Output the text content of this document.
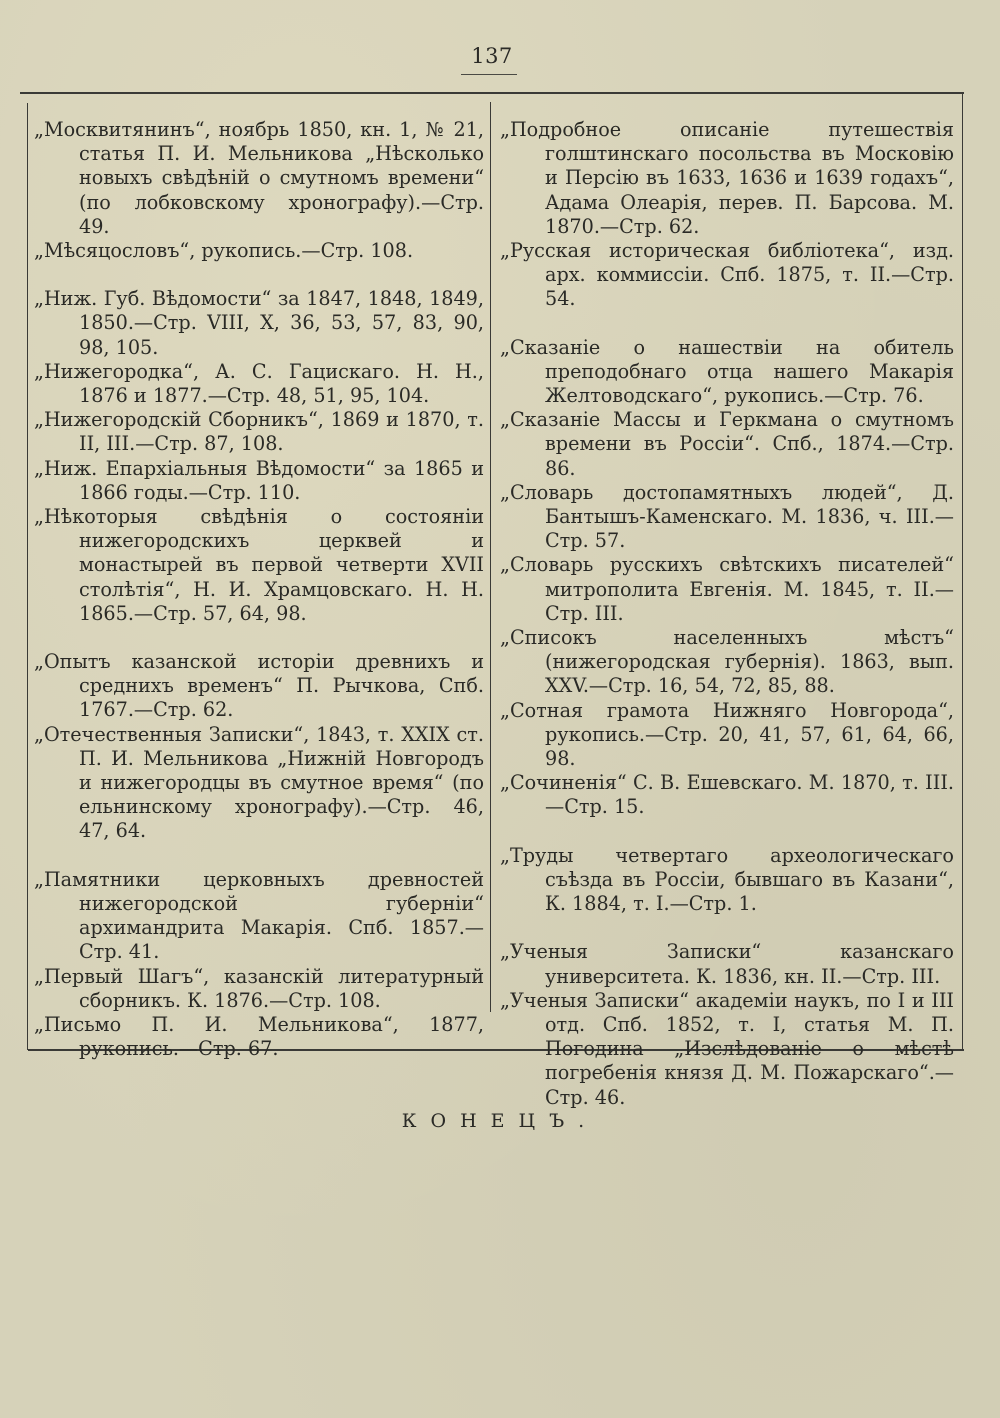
137

„Москвитянинъ“, ноябрь 1850, кн. 1, № 21, статья П. И. Мельникова „Нѣсколько новыхъ свѣдѣній о смутномъ времени“ (по лобковскому хронографу).—Стр. 49.

„Мѣсяцословъ“, рукопись.—Стр. 108.

„Ниж. Губ. Вѣдомости“ за 1847, 1848, 1849, 1850.—Стр. VIII, X, 36, 53, 57, 83, 90, 98, 105.

„Нижегородка“, А. С. Гацискаго. Н. Н., 1876 и 1877.—Стр. 48, 51, 95, 104.

„Нижегородскій Сборникъ“, 1869 и 1870, т. II, III.—Стр. 87, 108.

„Ниж. Епархіальныя Вѣдомости“ за 1865 и 1866 годы.—Стр. 110.

„Нѣкоторыя свѣдѣнія о состояніи нижегородскихъ церквей и монастырей въ первой четверти XVII столѣтія“, Н. И. Храмцовскаго. Н. Н. 1865.—Стр. 57, 64, 98.

„Опытъ казанской исторіи древнихъ и среднихъ временъ“ П. Рычкова, Спб. 1767.—Стр. 62.

„Отечественныя Записки“, 1843, т. XXIX ст. П. И. Мельникова „Нижній Новгородъ и нижегородцы въ смутное время“ (по ельнинскому хронографу).—Стр. 46, 47, 64.

„Памятники церковныхъ древностей нижегородской губерніи“ архимандрита Макарія. Спб. 1857.—Стр. 41.

„Первый Шагъ“, казанскій литературный сборникъ. К. 1876.—Стр. 108.

„Письмо П. И. Мельникова“, 1877, рукопись.—Стр. 67.

„Подробное описаніе путешествія голштинскаго посольства въ Московію и Персію въ 1633, 1636 и 1639 годахъ“, Адама Олеарія, перев. П. Барсова. М. 1870.—Стр. 62.

„Русская историческая библіотека“, изд. арх. коммиссіи. Спб. 1875, т. II.—Стр. 54.

„Сказаніе о нашествіи на обитель преподобнаго отца нашего Макарія Желтоводскаго“, рукопись.—Стр. 76.

„Сказаніе Массы и Геркмана о смутномъ времени въ Россіи“. Спб., 1874.—Стр. 86.

„Словарь достопамятныхъ людей“, Д. Бантышъ-Каменскаго. М. 1836, ч. III.—Стр. 57.

„Словарь русскихъ свѣтскихъ писателей“ митрополита Евгенія. М. 1845, т. II.—Стр. III.

„Списокъ населенныхъ мѣстъ“ (нижегородская губернія). 1863, вып. XXV.—Стр. 16, 54, 72, 85, 88.

„Сотная грамота Нижняго Новгорода“, рукопись.—Стр. 20, 41, 57, 61, 64, 66, 98.

„Сочиненія“ С. В. Ешевскаго. М. 1870, т. III.—Стр. 15.

„Труды четвертаго археологическаго съѣзда въ Россіи, бывшаго въ Казани“, К. 1884, т. I.—Стр. 1.

„Ученыя Записки“ казанскаго университета. К. 1836, кн. II.—Стр. III.

„Ученыя Записки“ академіи наукъ, по I и III отд. Спб. 1852, т. I, статья М. П. Погодина „Изслѣдованіе о мѣстѣ погребенія князя Д. М. Пожарскаго“.—Стр. 46.

КОНЕЦЪ.
